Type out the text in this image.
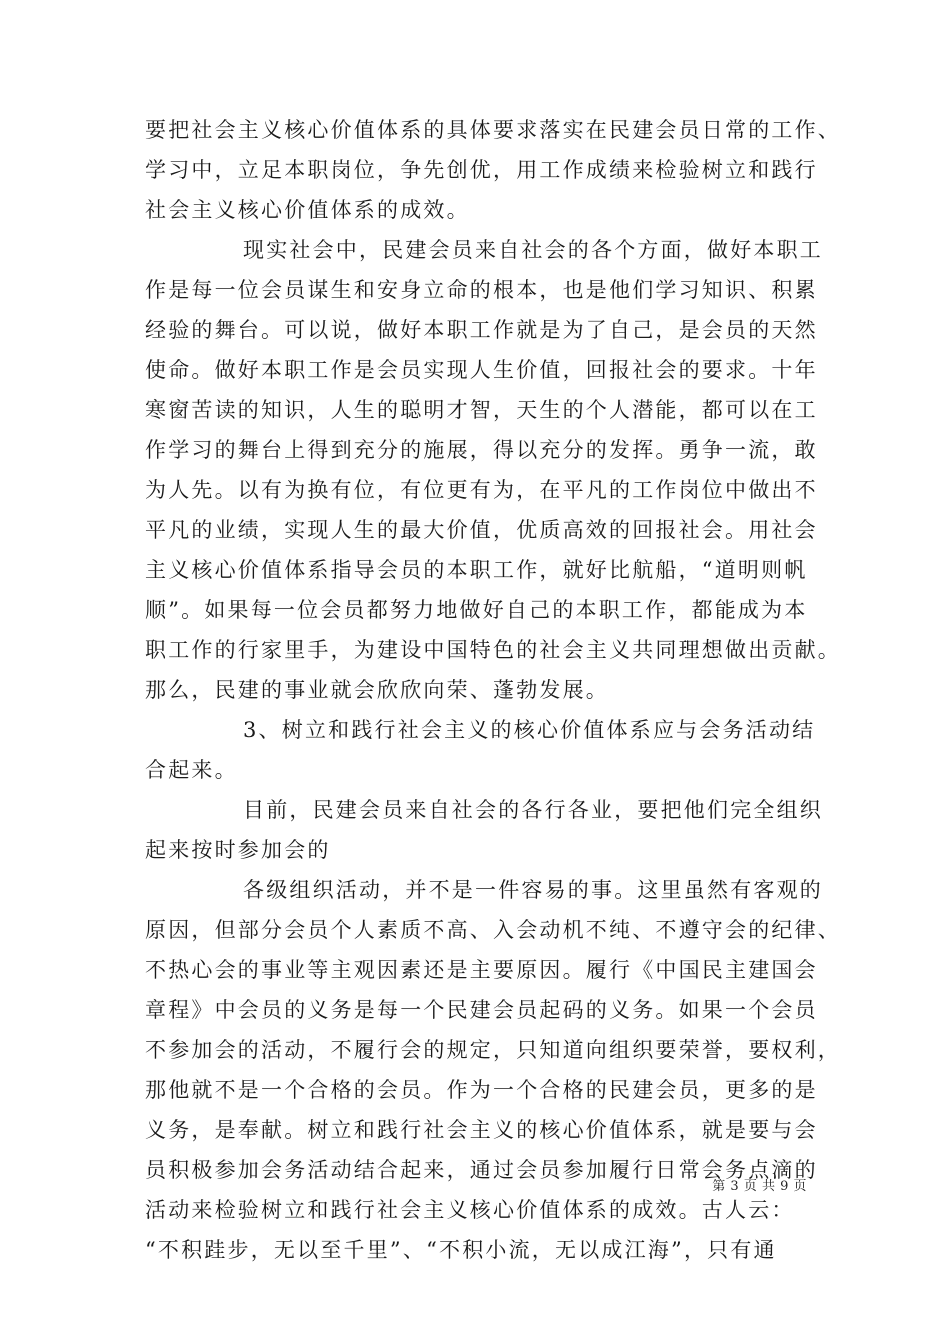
要把社会主义核心价值体系的具体要求落实在民建会员日常的工作、
学习中，立足本职岗位，争先创优，用工作成绩来检验树立和践行
社会主义核心价值体系的成效。
现实社会中，民建会员来自社会的各个方面，做好本职工
作是每一位会员谋生和安身立命的根本，也是他们学习知识、积累
经验的舞台。可以说，做好本职工作就是为了自己，是会员的天然
使命。做好本职工作是会员实现人生价值，回报社会的要求。十年
寒窗苦读的知识，人生的聪明才智，天生的个人潜能，都可以在工
作学习的舞台上得到充分的施展，得以充分的发挥。勇争一流，敢
为人先。以有为换有位，有位更有为，在平凡的工作岗位中做出不
平凡的业绩，实现人生的最大价值，优质高效的回报社会。用社会
主义核心价值体系指导会员的本职工作，就好比航船，“道明则帆
顺”。如果每一位会员都努力地做好自己的本职工作，都能成为本
职工作的行家里手，为建设中国特色的社会主义共同理想做出贡献。
那么，民建的事业就会欣欣向荣、蓬勃发展。
3、树立和践行社会主义的核心价值体系应与会务活动结
合起来。
目前，民建会员来自社会的各行各业，要把他们完全组织
起来按时参加会的
各级组织活动，并不是一件容易的事。这里虽然有客观的
原因，但部分会员个人素质不高、入会动机不纯、不遵守会的纪律、
不热心会的事业等主观因素还是主要原因。履行《中国民主建国会
章程》中会员的义务是每一个民建会员起码的义务。如果一个会员
不参加会的活动，不履行会的规定，只知道向组织要荣誉，要权利，
那他就不是一个合格的会员。作为一个合格的民建会员，更多的是
义务，是奉献。树立和践行社会主义的核心价值体系，就是要与会
员积极参加会务活动结合起来，通过会员参加履行日常会务点滴的
活动来检验树立和践行社会主义核心价值体系的成效。古人云：
“不积跬步，无以至千里”、“不积小流，无以成江海”，只有通
第 3 页 共 9 页
